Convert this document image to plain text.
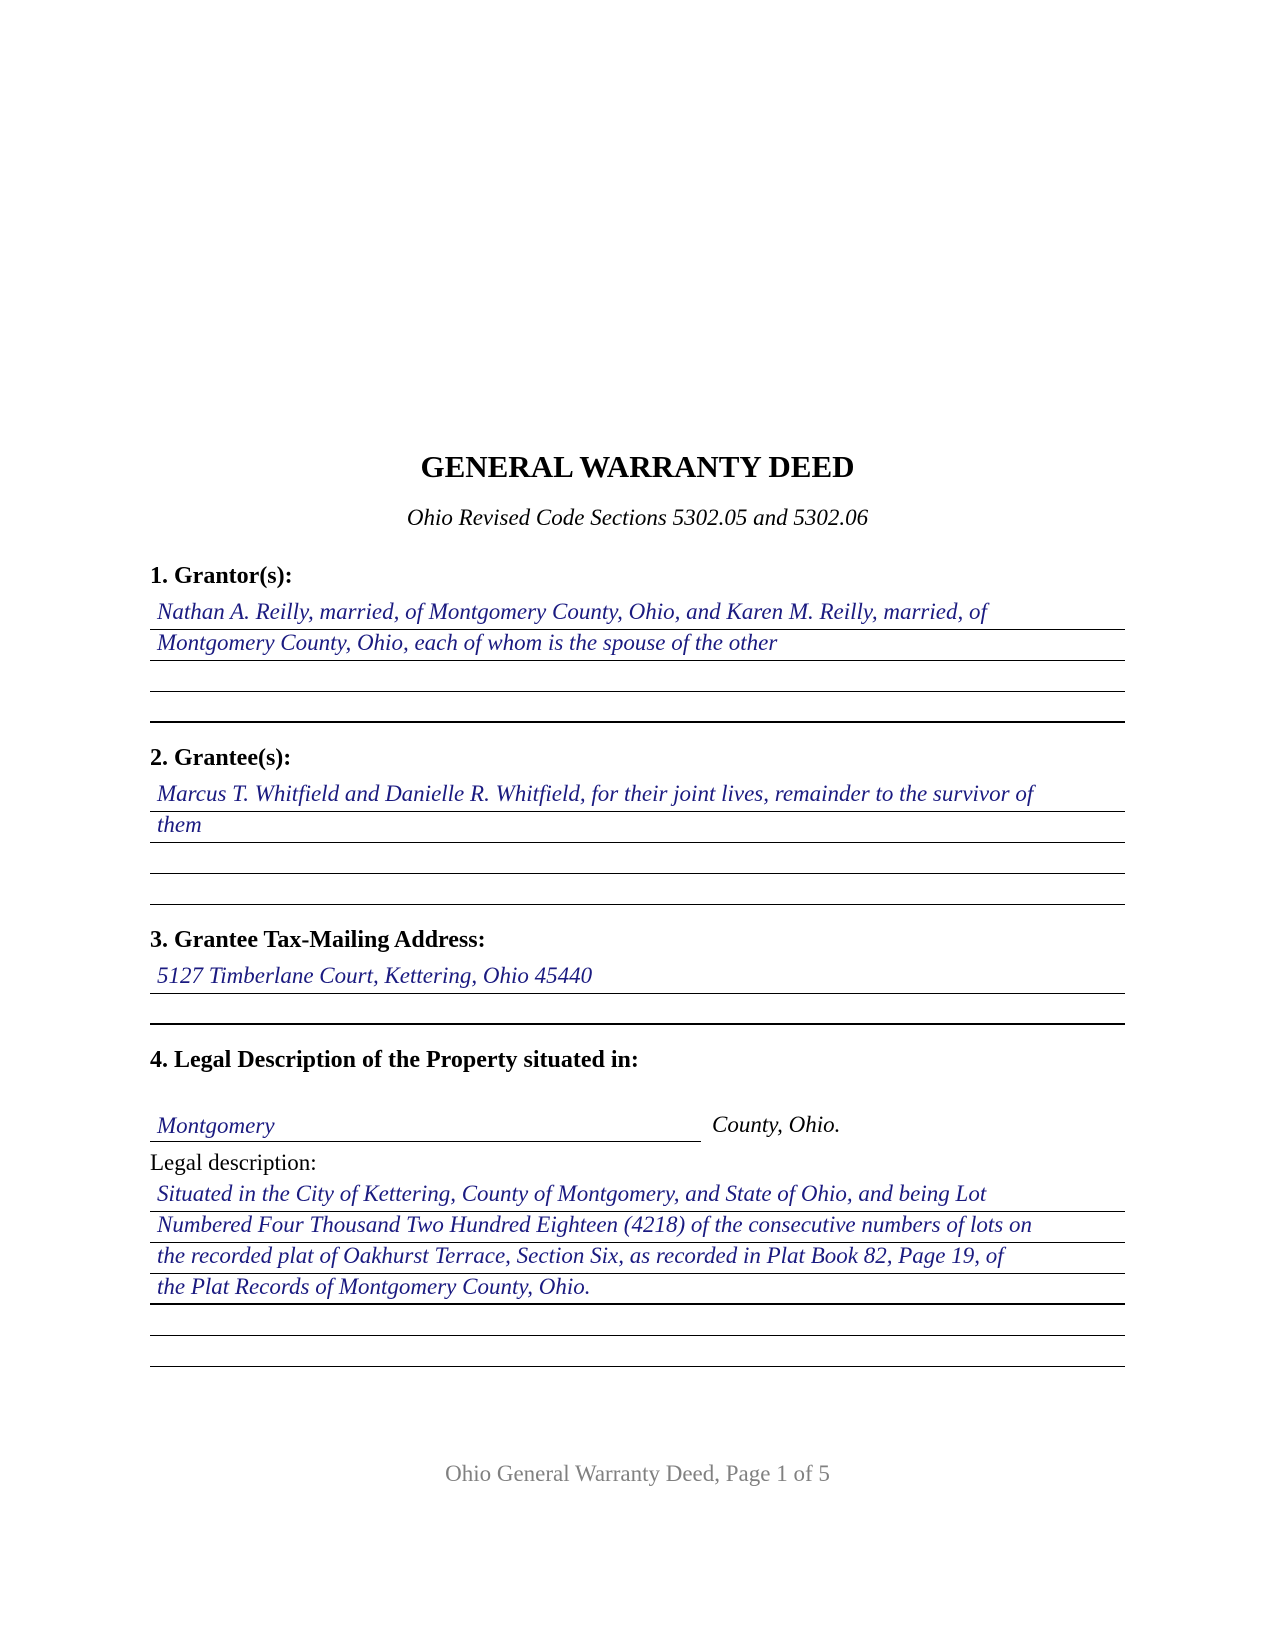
GENERAL WARRANTY DEED
Ohio Revised Code Sections 5302.05 and 5302.06
1. Grantor(s):
Nathan A. Reilly, married, of Montgomery County, Ohio, and Karen M. Reilly, married, of
Montgomery County, Ohio, each of whom is the spouse of the other
2. Grantee(s):
Marcus T. Whitfield and Danielle R. Whitfield, for their joint lives, remainder to the survivor of
them
3. Grantee Tax-Mailing Address:
5127 Timberlane Court, Kettering, Ohio 45440
4. Legal Description of the Property situated in:
Montgomery	County, Ohio.
Legal description:
Situated in the City of Kettering, County of Montgomery, and State of Ohio, and being Lot
Numbered Four Thousand Two Hundred Eighteen (4218) of the consecutive numbers of lots on
the recorded plat of Oakhurst Terrace, Section Six, as recorded in Plat Book 82, Page 19, of
the Plat Records of Montgomery County, Ohio.
Ohio General Warranty Deed, Page 1 of 5
